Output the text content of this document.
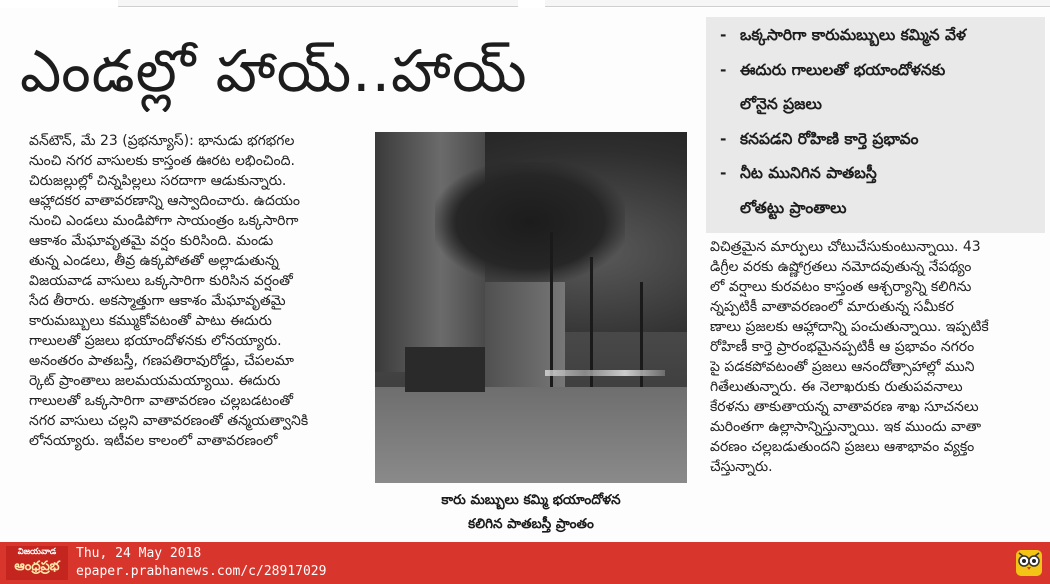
ఎండల్లో హాయ్..హాయ్
- ఒక్కసారిగా కారుమబ్బులు కమ్మిన వేళ
- ఈదురు గాలులతో భయాందోళనకు
లోనైన ప్రజలు
- కనపడని రోహిణి కార్తె ప్రభావం
- నీట మునిగిన పాతబస్తీ
లోతట్టు ప్రాంతాలు
వన్‌టౌన్, మే 23 (ప్రభన్యూస్): భానుడు భగభగల
నుంచి నగర వాసులకు కాస్తంత ఊరట లభించింది.
చిరుజల్లుల్లో చిన్నపిల్లలు సరదాగా ఆడుకున్నారు.
ఆహ్లాదకర వాతావరణాన్ని ఆస్వాదించారు. ఉదయం
నుంచి ఎండలు మండిపోగా సాయంత్రం ఒక్కసారిగా
ఆకాశం మేఘావృతమై వర్షం కురిసింది. మండు
తున్న ఎండలు, తీవ్ర ఉక్కపోతతో అల్లాడుతున్న
విజయవాడ వాసులు ఒక్కసారిగా కురిసిన వర్షంతో
సేద తీరారు. అకస్మాత్తుగా ఆకాశం మేఘావృతమై
కారుమబ్బులు కమ్ముకోవటంతో పాటు ఈదురు
గాలులతో ప్రజలు భయాందోళనకు లోనయ్యారు.
అనంతరం పాతబస్తీ, గణపతిరావురోడ్డు, చేపలమా
ర్కెట్ ప్రాంతాలు జలమయమయ్యాయి. ఈదురు
గాలులతో ఒక్కసారిగా వాతావరణం చల్లబడటంతో
నగర వాసులు చల్లని వాతావరణంతో తన్మయత్వానికి
లోనయ్యారు. ఇటీవల కాలంలో వాతావరణంలో
కారు మబ్బులు కమ్మి భయాందోళన
కలిగిన పాతబస్తీ ప్రాంతం
విచిత్రమైన మార్పులు చోటుచేసుకుంటున్నాయి. 43
డిగ్రీల వరకు ఉష్ణోగ్రతలు నమోదవుతున్న నేపథ్యం
లో వర్షాలు కురవటం కాస్తంత ఆశ్చర్యాన్ని కలిగిను
న్నప్పటికీ వాతావరణంలో మారుతున్న సమీకర
ణాలు ప్రజలకు ఆహ్లాదాన్ని పంచుతున్నాయి. ఇప్పటికే
రోహిణీ కార్తె ప్రారంభమైనప్పటికీ ఆ ప్రభావం నగరం
పై పడకపోవటంతో ప్రజలు ఆనందోత్సాహాల్లో ముని
గితేలుతున్నారు. ఈ నెలాఖరుకు రుతుపవనాలు
కేరళను తాకుతాయన్న వాతావరణ శాఖ సూచనలు
మరింతగా ఉల్లాసాన్నిస్తున్నాయి. ఇక ముందు వాతా
వరణం చల్లబడుతుందని ప్రజలు ఆశాభావం వ్యక్తం
చేస్తున్నారు.
విజయవాడ
ఆంధ్రప్రభ
Thu, 24 May 2018
epaper.prabhanews.com/c/28917029
